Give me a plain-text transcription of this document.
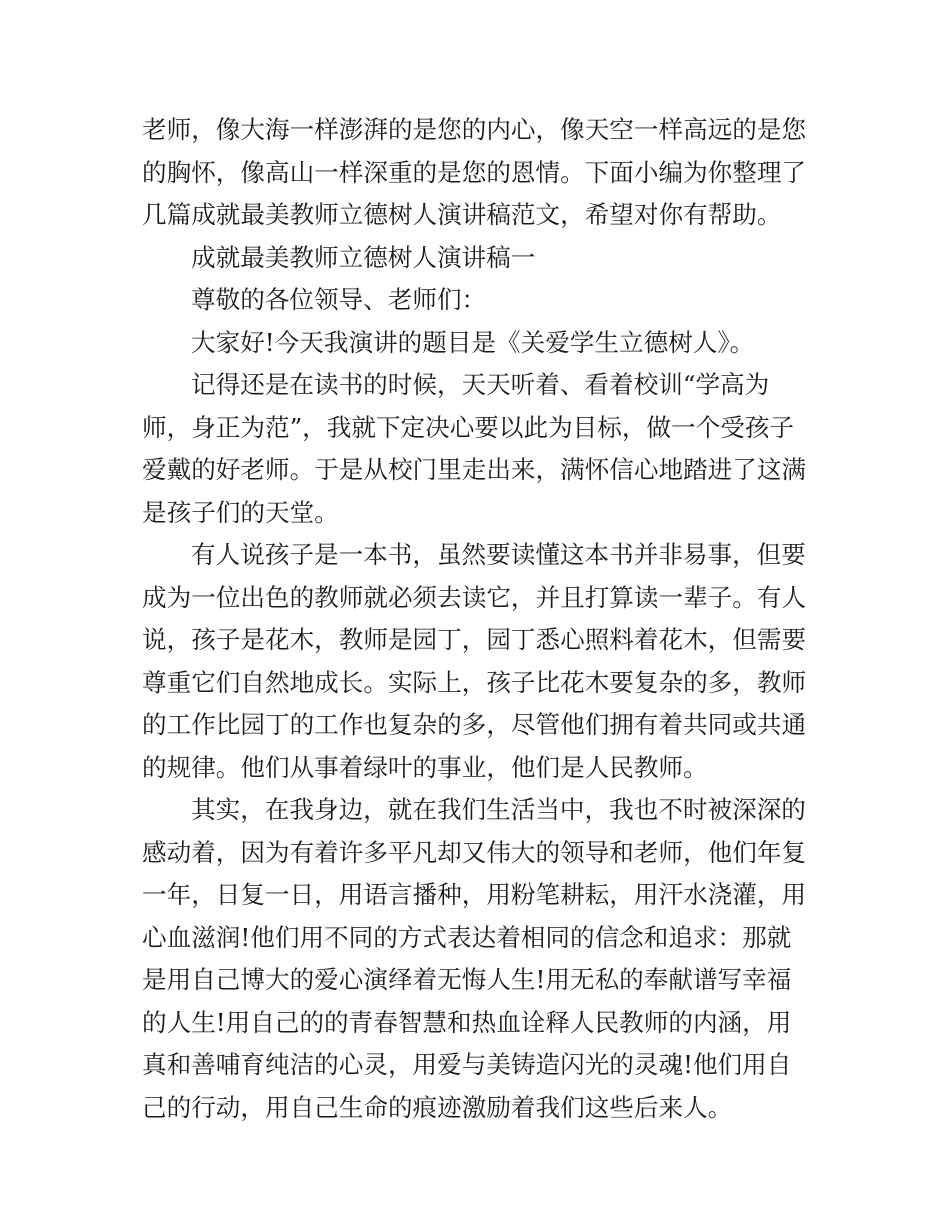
老师，像大海一样澎湃的是您的内心，像天空一样高远的是您
的胸怀，像高山一样深重的是您的恩情。下面小编为你整理了
几篇成就最美教师立德树人演讲稿范文，希望对你有帮助。
成就最美教师立德树人演讲稿一
尊敬的各位领导、老师们：
大家好!今天我演讲的题目是《关爱学生立德树人》。
记得还是在读书的时候，天天听着、看着校训“学高为
师，身正为范”，我就下定决心要以此为目标，做一个受孩子
爱戴的好老师。于是从校门里走出来，满怀信心地踏进了这满
是孩子们的天堂。
有人说孩子是一本书，虽然要读懂这本书并非易事，但要
成为一位出色的教师就必须去读它，并且打算读一辈子。有人
说，孩子是花木，教师是园丁，园丁悉心照料着花木，但需要
尊重它们自然地成长。实际上，孩子比花木要复杂的多，教师
的工作比园丁的工作也复杂的多，尽管他们拥有着共同或共通
的规律。他们从事着绿叶的事业，他们是人民教师。
其实，在我身边，就在我们生活当中，我也不时被深深的
感动着，因为有着许多平凡却又伟大的领导和老师，他们年复
一年，日复一日，用语言播种，用粉笔耕耘，用汗水浇灌，用
心血滋润!他们用不同的方式表达着相同的信念和追求：那就
是用自己博大的爱心演绎着无悔人生!用无私的奉献谱写幸福
的人生!用自己的的青春智慧和热血诠释人民教师的内涵，用
真和善哺育纯洁的心灵，用爱与美铸造闪光的灵魂!他们用自
己的行动，用自己生命的痕迹激励着我们这些后来人。
